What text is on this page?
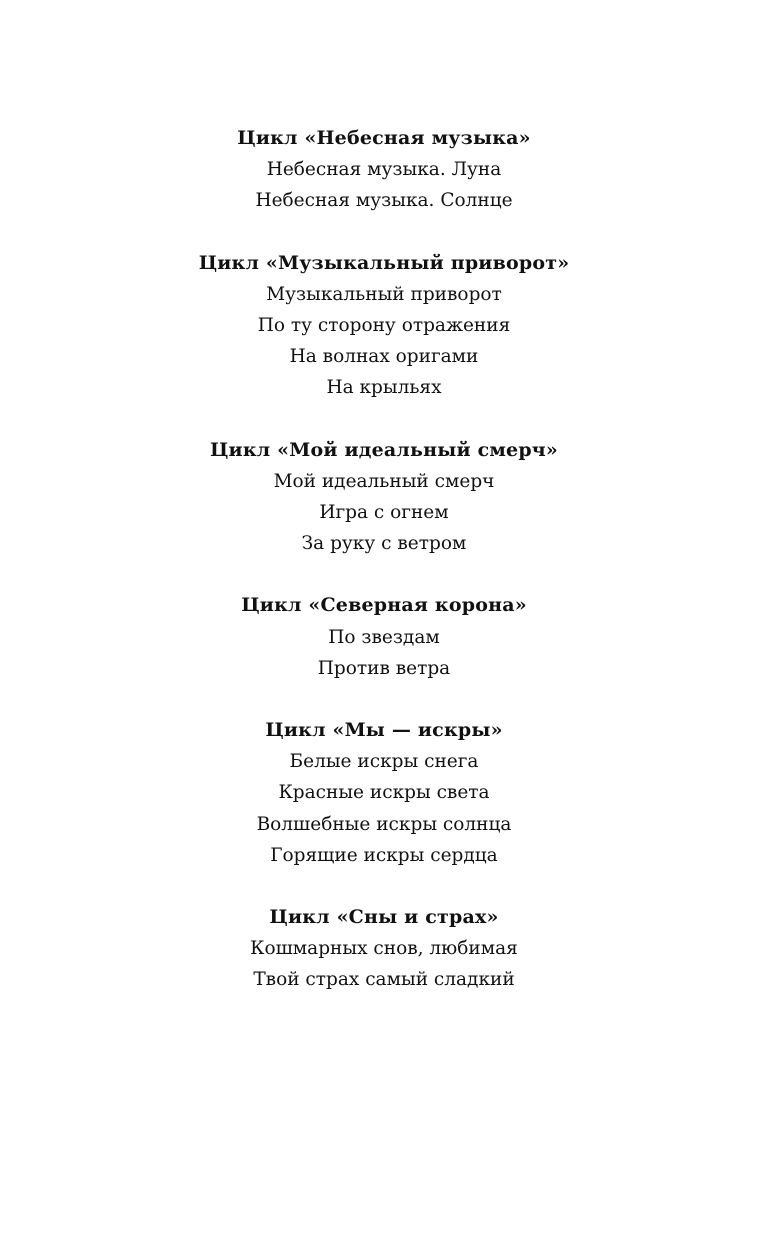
Цикл «Небесная музыка»
Небесная музыка. Луна
Небесная музыка. Солнце
Цикл «Музыкальный приворот»
Музыкальный приворот
По ту сторону отражения
На волнах оригами
На крыльях
Цикл «Мой идеальный смерч»
Мой идеальный смерч
Игра с огнем
За руку с ветром
Цикл «Северная корона»
По звездам
Против ветра
Цикл «Мы — искры»
Белые искры снега
Красные искры света
Волшебные искры солнца
Горящие искры сердца
Цикл «Сны и страх»
Кошмарных снов, любимая
Твой страх самый сладкий
